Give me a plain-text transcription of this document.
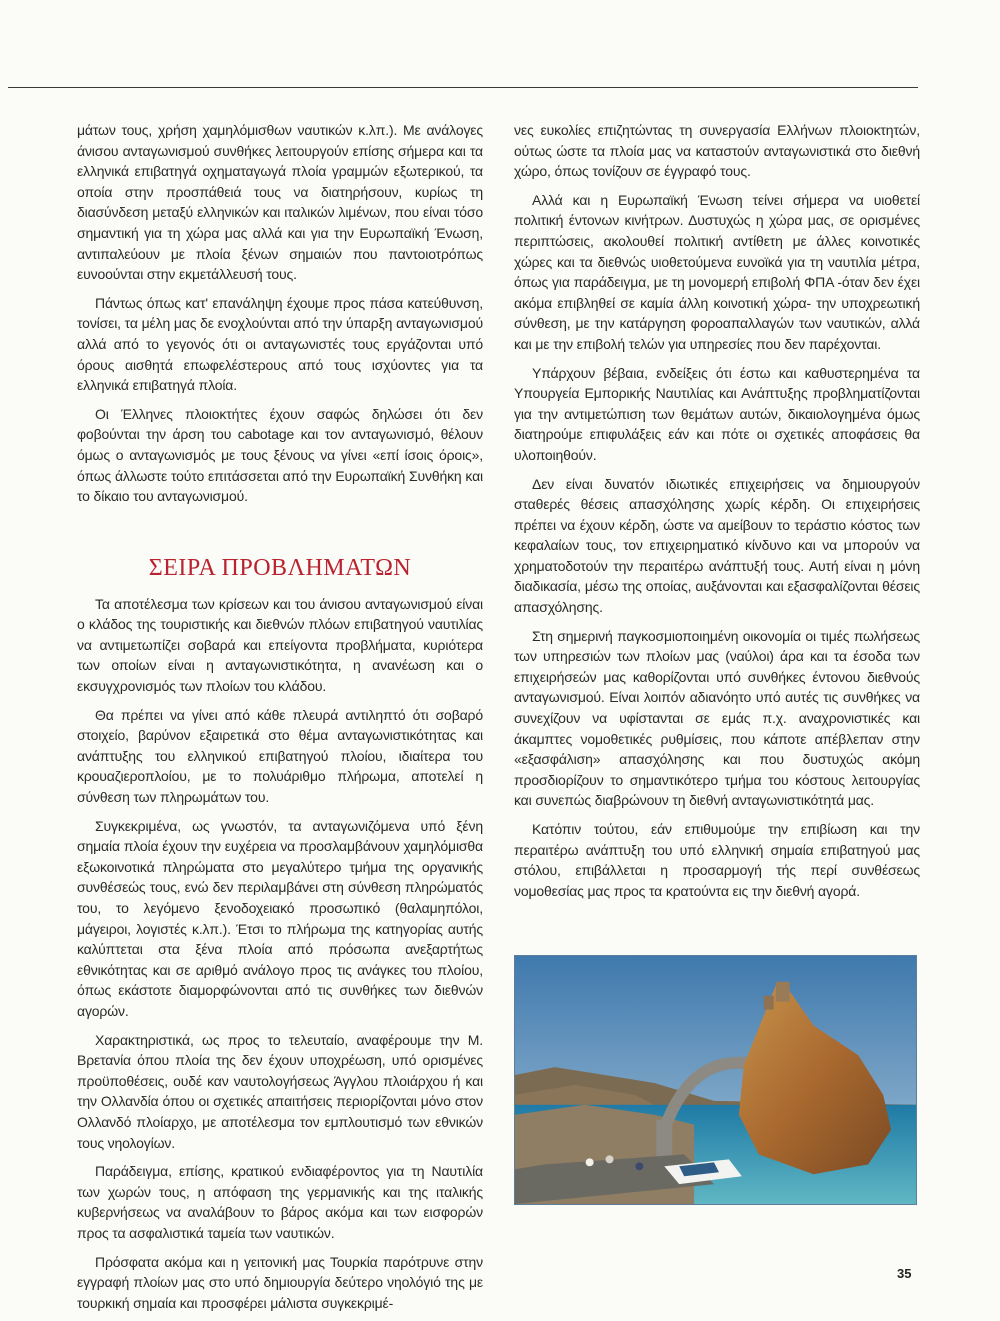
μάτων τους, χρήση χαμηλόμισθων ναυτικών κ.λπ.). Με ανάλογες άνισου ανταγωνισμού συνθήκες λειτουργούν επίσης σήμερα και τα ελληνικά επιβατηγά οχηματαγωγά πλοία γραμμών εξωτερικού, τα οποία στην προσπάθειά τους να διατηρήσουν, κυρίως τη διασύνδεση μεταξύ ελληνικών και ιταλικών λιμένων, που είναι τόσο σημαντική για τη χώρα μας αλλά και για την Ευρωπαϊκή Ένωση, αντιπαλεύουν με πλοία ξένων σημαιών που παντοιοτρόπως ευνοούνται στην εκμετάλλευσή τους.

Πάντως όπως κατ' επανάληψη έχουμε προς πάσα κατεύθυνση, τονίσει, τα μέλη μας δε ενοχλούνται από την ύπαρξη ανταγωνισμού αλλά από το γεγονός ότι οι ανταγωνιστές τους εργάζονται υπό όρους αισθητά επωφελέστερους από τους ισχύοντες για τα ελληνικά επιβατηγά πλοία.

Οι Έλληνες πλοιοκτήτες έχουν σαφώς δηλώσει ότι δεν φοβούνται την άρση του cabotage και τον ανταγωνισμό, θέλουν όμως ο ανταγωνισμός με τους ξένους να γίνει «επί ίσοις όροις», όπως άλλωστε τούτο επιτάσσεται από την Ευρωπαϊκή Συνθήκη και το δίκαιο του ανταγωνισμού.

ΣΕΙΡΑ ΠΡΟΒΛΗΜΑΤΩΝ

Τα αποτέλεσμα των κρίσεων και του άνισου ανταγωνισμού είναι ο κλάδος της τουριστικής και διεθνών πλόων επιβατηγού ναυτιλίας να αντιμετωπίζει σοβαρά και επείγοντα προβλήματα, κυριότερα των οποίων είναι η ανταγωνιστικότητα, η ανανέωση και ο εκσυγχρονισμός των πλοίων του κλάδου.

Θα πρέπει να γίνει από κάθε πλευρά αντιληπτό ότι σοβαρό στοιχείο, βαρύνον εξαιρετικά στο θέμα ανταγωνιστικότητας και ανάπτυξης του ελληνικού επιβατηγού πλοίου, ιδιαίτερα του κρουαζιεροπλοίου, με το πολυάριθμο πλήρωμα, αποτελεί η σύνθεση των πληρωμάτων του.

Συγκεκριμένα, ως γνωστόν, τα ανταγωνιζόμενα υπό ξένη σημαία πλοία έχουν την ευχέρεια να προσλαμβάνουν χαμηλόμισθα εξωκοινοτικά πληρώματα στο μεγαλύτερο τμήμα της οργανικής συνθέσεώς τους, ενώ δεν περιλαμβάνει στη σύνθεση πληρώματός του, το λεγόμενο ξενοδοχειακό προσωπικό (θαλαμηπόλοι, μάγειροι, λογιστές κ.λπ.). Έτσι το πλήρωμα της κατηγορίας αυτής καλύπτεται στα ξένα πλοία από πρόσωπα ανεξαρτήτως εθνικότητας και σε αριθμό ανάλογο προς τις ανάγκες του πλοίου, όπως εκάστοτε διαμορφώνονται από τις συνθήκες των διεθνών αγορών.

Χαρακτηριστικά, ως προς το τελευταίο, αναφέρουμε την Μ. Βρετανία όπου πλοία της δεν έχουν υποχρέωση, υπό ορισμένες προϋποθέσεις, ουδέ καν ναυτολογήσεως Άγγλου πλοιάρχου ή και την Ολλανδία όπου οι σχετικές απαιτήσεις περιορίζονται μόνο στον Ολλανδό πλοίαρχο, με αποτέλεσμα τον εμπλουτισμό των εθνικών τους νηολογίων.

Παράδειγμα, επίσης, κρατικού ενδιαφέροντος για τη Ναυτιλία των χωρών τους, η απόφαση της γερμανικής και της ιταλικής κυβερνήσεως να αναλάβουν το βάρος ακόμα και των εισφορών προς τα ασφαλιστικά ταμεία των ναυτικών.

Πρόσφατα ακόμα και η γειτονική μας Τουρκία παρότρυνε στην εγγραφή πλοίων μας στο υπό δημιουργία δεύτερο νηολόγιό της με τουρκική σημαία και προσφέρει μάλιστα συγκεκριμέ-

νες ευκολίες επιζητώντας τη συνεργασία Ελλήνων πλοιοκτητών, ούτως ώστε τα πλοία μας να καταστούν ανταγωνιστικά στο διεθνή χώρο, όπως τονίζουν σε έγγραφό τους.

Αλλά και η Ευρωπαϊκή Ένωση τείνει σήμερα να υιοθετεί πολιτική έντονων κινήτρων. Δυστυχώς η χώρα μας, σε ορισμένες περιπτώσεις, ακολουθεί πολιτική αντίθετη με άλλες κοινοτικές χώρες και τα διεθνώς υιοθετούμενα ευνοϊκά για τη ναυτιλία μέτρα, όπως για παράδειγμα, με τη μονομερή επιβολή ΦΠΑ -όταν δεν έχει ακόμα επιβληθεί σε καμία άλλη κοινοτική χώρα- την υποχρεωτική σύνθεση, με την κατάργηση φοροαπαλλαγών των ναυτικών, αλλά και με την επιβολή τελών για υπηρεσίες που δεν παρέχονται.

Υπάρχουν βέβαια, ενδείξεις ότι έστω και καθυστερημένα τα Υπουργεία Εμπορικής Ναυτιλίας και Ανάπτυξης προβληματίζονται για την αντιμετώπιση των θεμάτων αυτών, δικαιολογημένα όμως διατηρούμε επιφυλάξεις εάν και πότε οι σχετικές αποφάσεις θα υλοποιηθούν.

Δεν είναι δυνατόν ιδιωτικές επιχειρήσεις να δημιουργούν σταθερές θέσεις απασχόλησης χωρίς κέρδη. Οι επιχειρήσεις πρέπει να έχουν κέρδη, ώστε να αμείβουν το τεράστιο κόστος των κεφαλαίων τους, τον επιχειρηματικό κίνδυνο και να μπορούν να χρηματοδοτούν την περαιτέρω ανάπτυξή τους. Αυτή είναι η μόνη διαδικασία, μέσω της οποίας, αυξάνονται και εξασφαλίζονται θέσεις απασχόλησης.

Στη σημερινή παγκοσμιοποιημένη οικονομία οι τιμές πωλήσεως των υπηρεσιών των πλοίων μας (ναύλοι) άρα και τα έσοδα των επιχειρήσεών μας καθορίζονται υπό συνθήκες έντονου διεθνούς ανταγωνισμού. Είναι λοιπόν αδιανόητο υπό αυτές τις συνθήκες να συνεχίζουν να υφίστανται σε εμάς π.χ. αναχρονιστικές και άκαμπτες νομοθετικές ρυθμίσεις, που κάποτε απέβλεπαν στην «εξασφάλιση» απασχόλησης και που δυστυχώς ακόμη προσδιορίζουν το σημαντικότερο τμήμα του κόστους λειτουργίας και συνεπώς διαβρώνουν τη διεθνή ανταγωνιστικότητά μας.

Κατόπιν τούτου, εάν επιθυμούμε την επιβίωση και την περαιτέρω ανάπτυξη του υπό ελληνική σημαία επιβατηγού μας στόλου, επιβάλλεται η προσαρμογή τής περί συνθέσεως νομοθεσίας μας προς τα κρατούντα εις την διεθνή αγορά.

35
